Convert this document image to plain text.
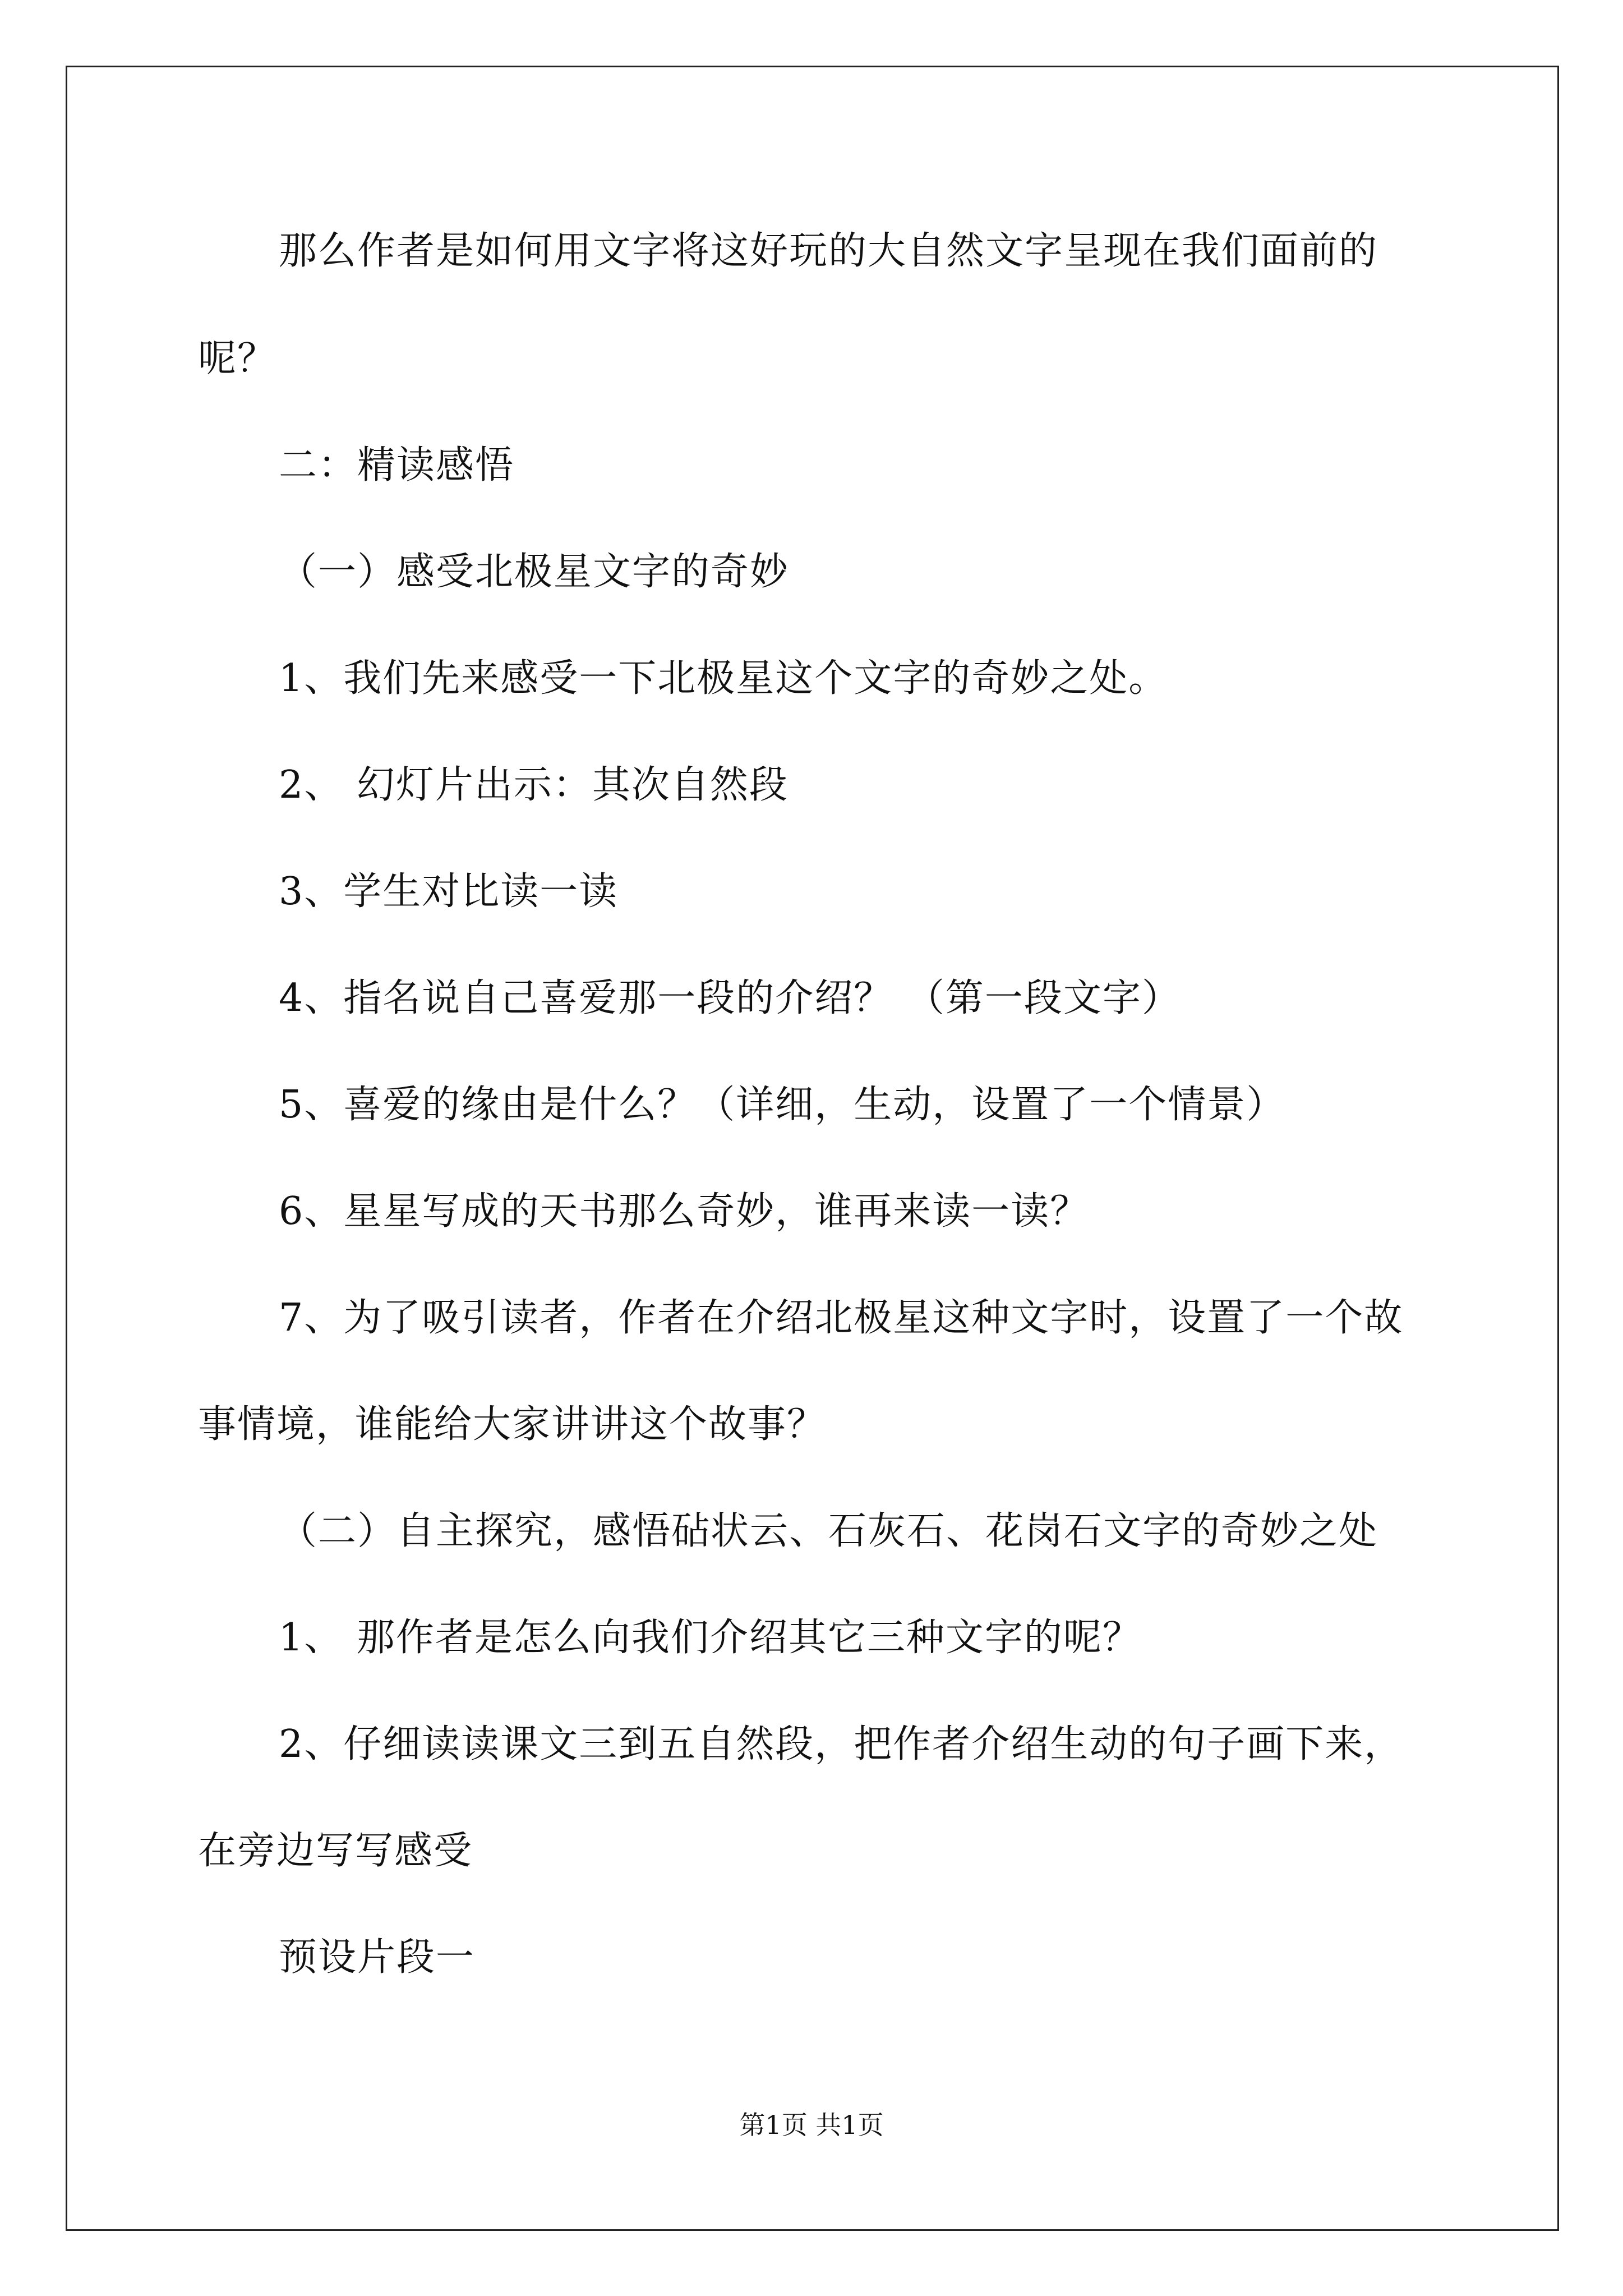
那么作者是如何用文字将这好玩的大自然文字呈现在我们面前的
呢？
二：精读感悟
（一）感受北极星文字的奇妙
1、我们先来感受一下北极星这个文字的奇妙之处。
2、 幻灯片出示：其次自然段
3、学生对比读一读
4、指名说自己喜爱那一段的介绍？ （第一段文字）
5、喜爱的缘由是什么？（详细，生动，设置了一个情景）
6、星星写成的天书那么奇妙，谁再来读一读？
7、为了吸引读者，作者在介绍北极星这种文字时，设置了一个故
事情境，谁能给大家讲讲这个故事？
（二）自主探究，感悟砧状云、石灰石、花岗石文字的奇妙之处
1、 那作者是怎么向我们介绍其它三种文字的呢？
2、仔细读读课文三到五自然段，把作者介绍生动的句子画下来，
在旁边写写感受
预设片段一
第1页 共1页
